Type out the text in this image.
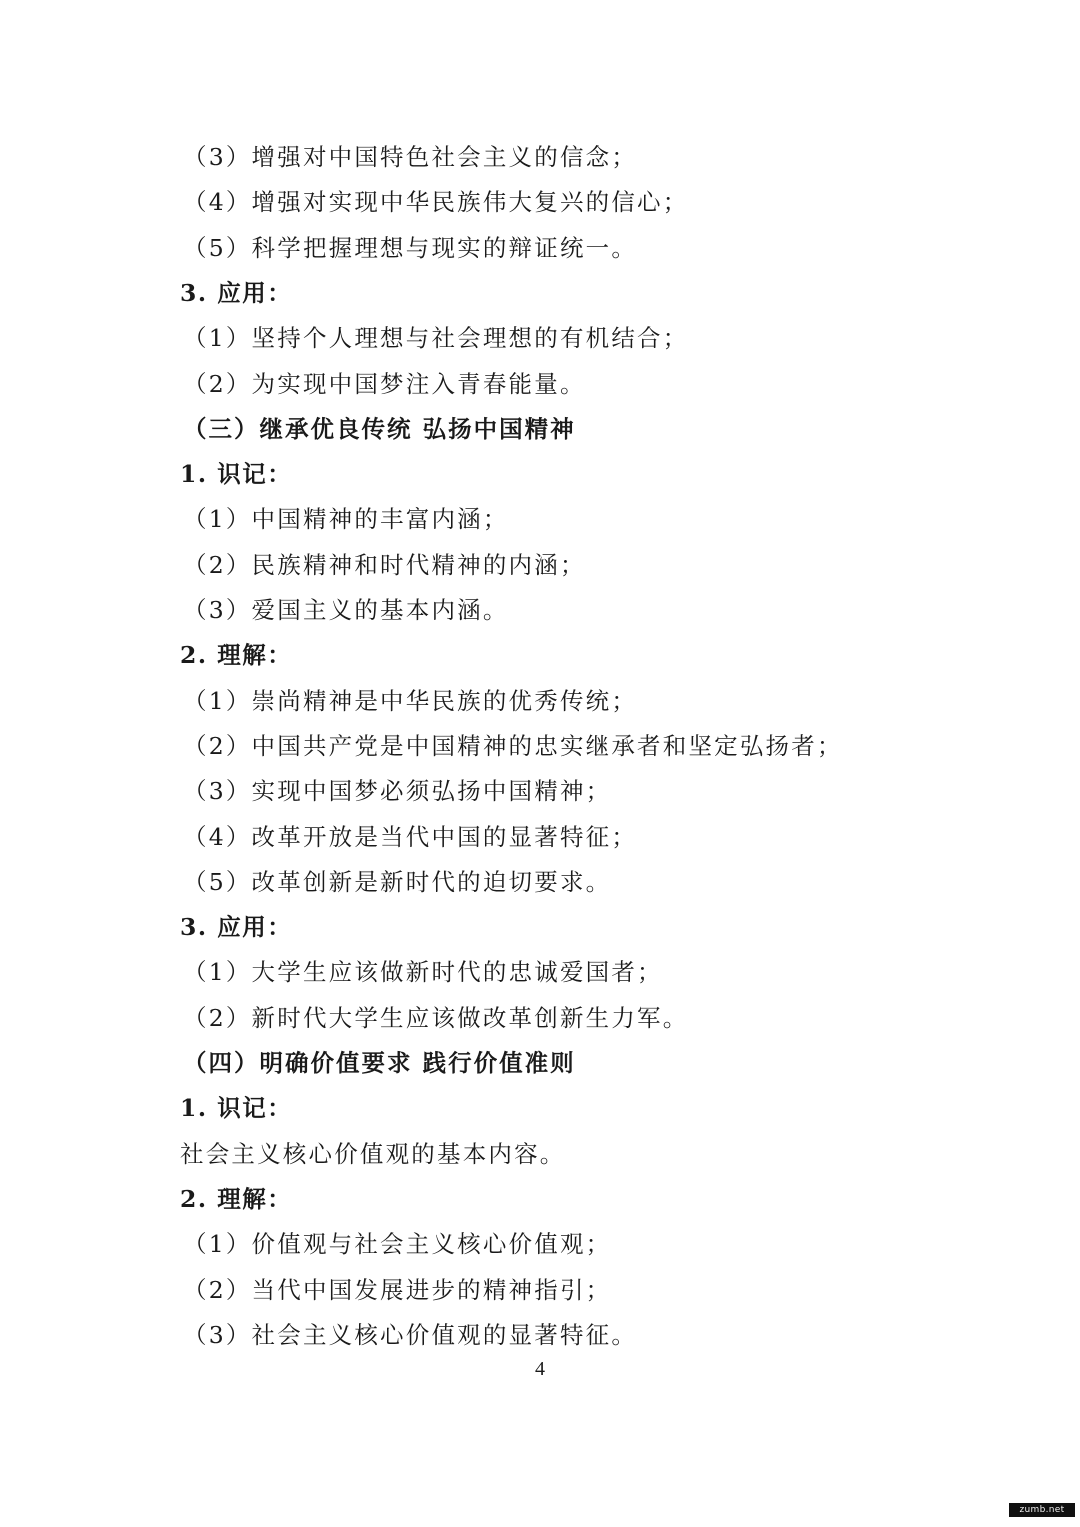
（3）增强对中国特色社会主义的信念；
（4）增强对实现中华民族伟大复兴的信心；
（5）科学把握理想与现实的辩证统一。
3. 应用：
（1）坚持个人理想与社会理想的有机结合；
（2）为实现中国梦注入青春能量。
（三）继承优良传统 弘扬中国精神
1. 识记：
（1）中国精神的丰富内涵；
（2）民族精神和时代精神的内涵；
（3）爱国主义的基本内涵。
2. 理解：
（1）崇尚精神是中华民族的优秀传统；
（2）中国共产党是中国精神的忠实继承者和坚定弘扬者；
（3）实现中国梦必须弘扬中国精神；
（4）改革开放是当代中国的显著特征；
（5）改革创新是新时代的迫切要求。
3. 应用：
（1）大学生应该做新时代的忠诚爱国者；
（2）新时代大学生应该做改革创新生力军。
（四）明确价值要求 践行价值准则
1. 识记：
社会主义核心价值观的基本内容。
2. 理解：
（1）价值观与社会主义核心价值观；
（2）当代中国发展进步的精神指引；
（3）社会主义核心价值观的显著特征。
4
zumb.net
